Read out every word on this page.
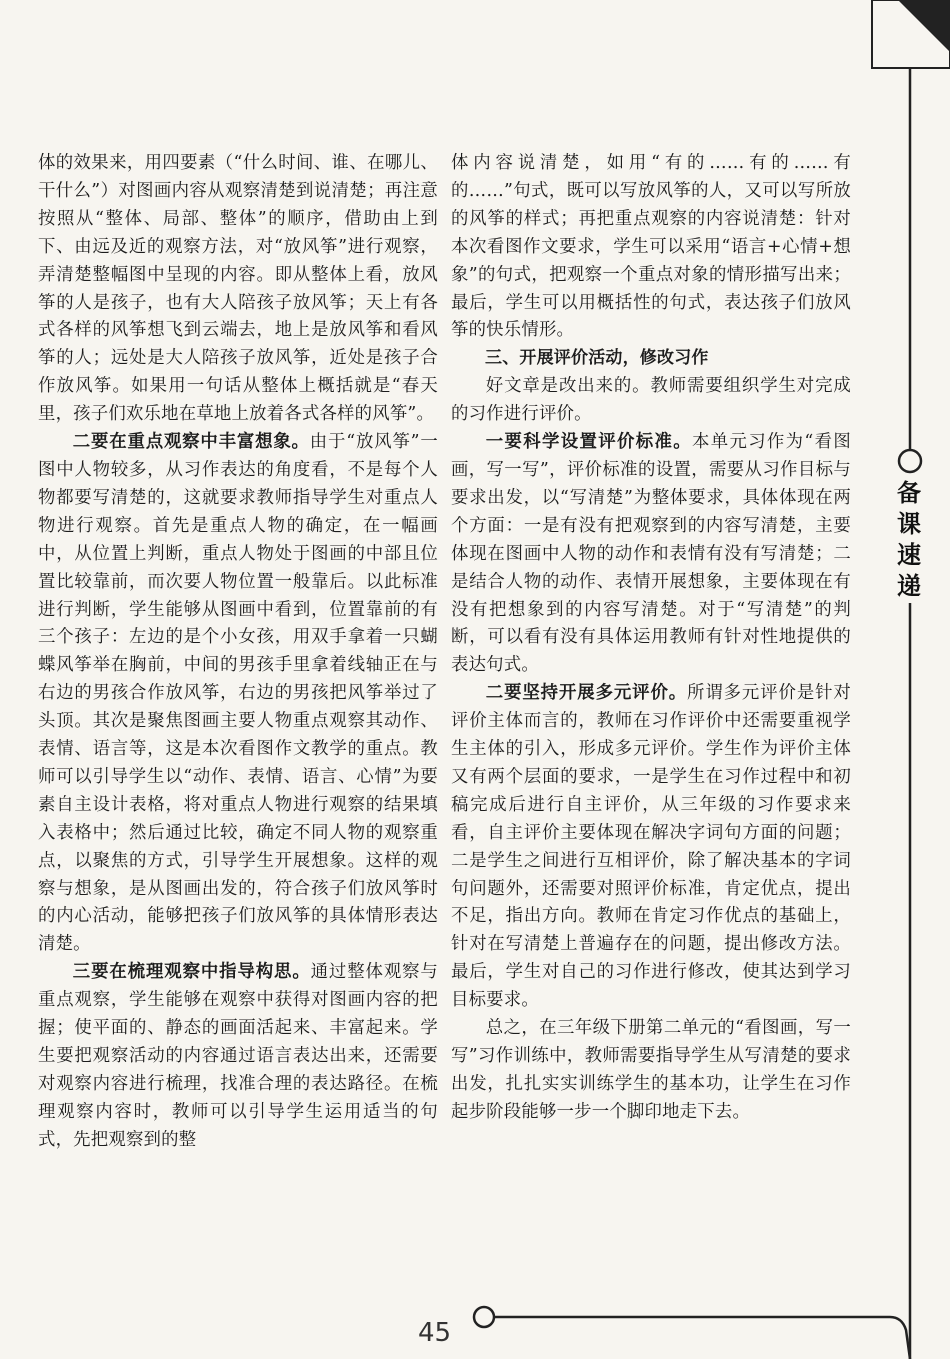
备课速递

体的效果来，用四要素（“什么时间、谁、在哪儿、干什么”）对图画内容从观察清楚到说清楚；再注意按照从“整体、局部、整体”的顺序，借助由上到下、由远及近的观察方法，对“放风筝”进行观察，弄清楚整幅图中呈现的内容。即从整体上看，放风筝的人是孩子，也有大人陪孩子放风筝；天上有各式各样的风筝想飞到云端去，地上是放风筝和看风筝的人；远处是大人陪孩子放风筝，近处是孩子合作放风筝。如果用一句话从整体上概括就是“春天里，孩子们欢乐地在草地上放着各式各样的风筝”。

二要在重点观察中丰富想象。由于“放风筝”一图中人物较多，从习作表达的角度看，不是每个人物都要写清楚的，这就要求教师指导学生对重点人物进行观察。首先是重点人物的确定，在一幅画中，从位置上判断，重点人物处于图画的中部且位置比较靠前，而次要人物位置一般靠后。以此标准进行判断，学生能够从图画中看到，位置靠前的有三个孩子：左边的是个小女孩，用双手拿着一只蝴蝶风筝举在胸前，中间的男孩手里拿着线轴正在与右边的男孩合作放风筝，右边的男孩把风筝举过了头顶。其次是聚焦图画主要人物重点观察其动作、表情、语言等，这是本次看图作文教学的重点。教师可以引导学生以“动作、表情、语言、心情”为要素自主设计表格，将对重点人物进行观察的结果填入表格中；然后通过比较，确定不同人物的观察重点，以聚焦的方式，引导学生开展想象。这样的观察与想象，是从图画出发的，符合孩子们放风筝时的内心活动，能够把孩子们放风筝的具体情形表达清楚。

三要在梳理观察中指导构思。通过整体观察与重点观察，学生能够在观察中获得对图画内容的把握；使平面的、静态的画面活起来、丰富起来。学生要把观察活动的内容通过语言表达出来，还需要对观察内容进行梳理，找准合理的表达路径。在梳理观察内容时，教师可以引导学生运用适当的句式，先把观察到的整

体内容说清楚，如用“有的……有的……有的……”句式，既可以写放风筝的人，又可以写所放的风筝的样式；再把重点观察的内容说清楚：针对本次看图作文要求，学生可以采用“语言+心情+想象”的句式，把观察一个重点对象的情形描写出来；最后，学生可以用概括性的句式，表达孩子们放风筝的快乐情形。

三、开展评价活动，修改习作

好文章是改出来的。教师需要组织学生对完成的习作进行评价。

一要科学设置评价标准。本单元习作为“看图画，写一写”，评价标准的设置，需要从习作目标与要求出发，以“写清楚”为整体要求，具体体现在两个方面：一是有没有把观察到的内容写清楚，主要体现在图画中人物的动作和表情有没有写清楚；二是结合人物的动作、表情开展想象，主要体现在有没有把想象到的内容写清楚。对于“写清楚”的判断，可以看有没有具体运用教师有针对性地提供的表达句式。

二要坚持开展多元评价。所谓多元评价是针对评价主体而言的，教师在习作评价中还需要重视学生主体的引入，形成多元评价。学生作为评价主体又有两个层面的要求，一是学生在习作过程中和初稿完成后进行自主评价，从三年级的习作要求来看，自主评价主要体现在解决字词句方面的问题；二是学生之间进行互相评价，除了解决基本的字词句问题外，还需要对照评价标准，肯定优点，提出不足，指出方向。教师在肯定习作优点的基础上，针对在写清楚上普遍存在的问题，提出修改方法。最后，学生对自己的习作进行修改，使其达到学习目标要求。

总之，在三年级下册第二单元的“看图画，写一写”习作训练中，教师需要指导学生从写清楚的要求出发，扎扎实实训练学生的基本功，让学生在习作起步阶段能够一步一个脚印地走下去。

45
